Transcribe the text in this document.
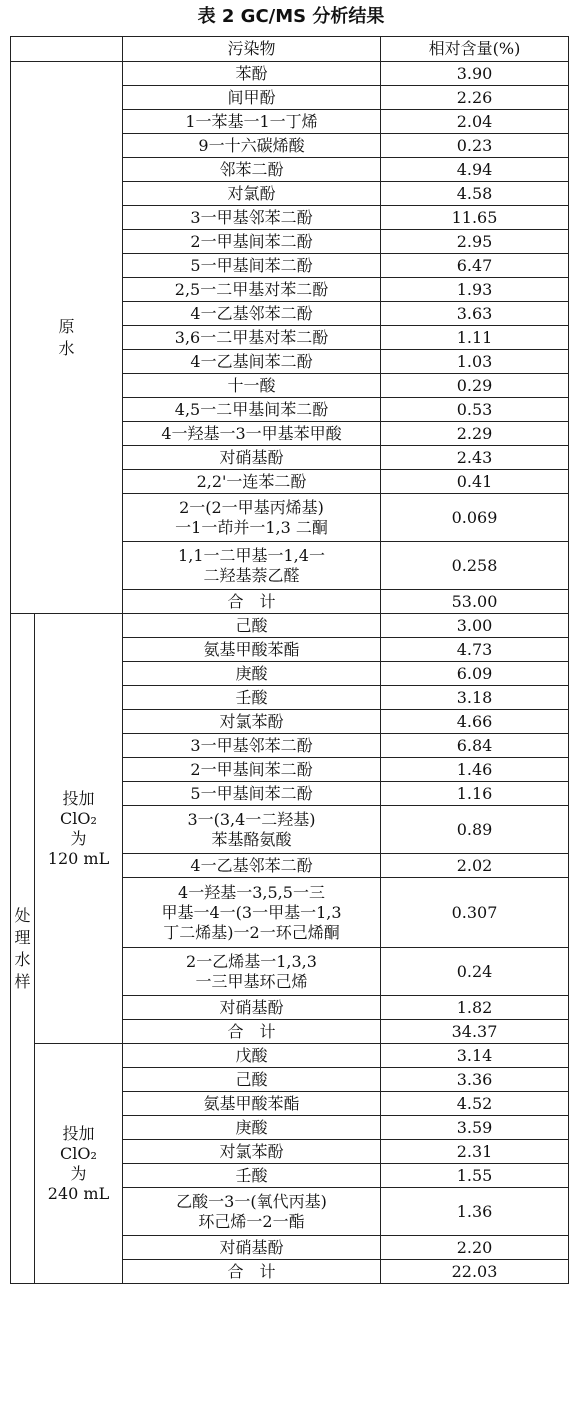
表 2 GC/MS 分析结果
		污染物	相对含量(%)
原水		苯酚	3.90

		间甲酚	2.26

		1一苯基一1一丁烯	2.04

		9一十六碳烯酸	0.23

		邻苯二酚	4.94

		对氯酚	4.58

		3一甲基邻苯二酚	11.65

		2一甲基间苯二酚	2.95

		5一甲基间苯二酚	6.47

		2,5一二甲基对苯二酚	1.93

		4一乙基邻苯二酚	3.63

		3,6一二甲基对苯二酚	1.11

		4一乙基间苯二酚	1.03

		十一酸	0.29

		4,5一二甲基间苯二酚	0.53

		4一羟基一3一甲基苯甲酸	2.29

		对硝基酚	2.43

		2,2'一连苯二酚	0.41

		2一(2一甲基丙烯基)
一1一茚并一1,3 二酮	0.069

		1,1一二甲基一1,4一
二羟基萘乙醛	0.258

		合　计	53.00
处理水样	投加
ClO₂
为
120 mL	己酸	3.00

		氨基甲酸苯酯	4.73

		庚酸	6.09

		壬酸	3.18

		对氯苯酚	4.66

		3一甲基邻苯二酚	6.84

		2一甲基间苯二酚	1.46

		5一甲基间苯二酚	1.16

		3一(3,4一二羟基)
苯基酪氨酸	0.89

		4一乙基邻苯二酚	2.02

		4一羟基一3,5,5一三
甲基一4一(3一甲基一1,3
丁二烯基)一2一环己烯酮	0.307

		2一乙烯基一1,3,3
一三甲基环己烯	0.24

		对硝基酚	1.82

		合　计	34.37

	投加
ClO₂
为
240 mL	戊酸	3.14

		己酸	3.36

		氨基甲酸苯酯	4.52

		庚酸	3.59

		对氯苯酚	2.31

		壬酸	1.55

		乙酸一3一(氧代丙基)
环己烯一2一酯	1.36

		对硝基酚	2.20

		合　计	22.03
